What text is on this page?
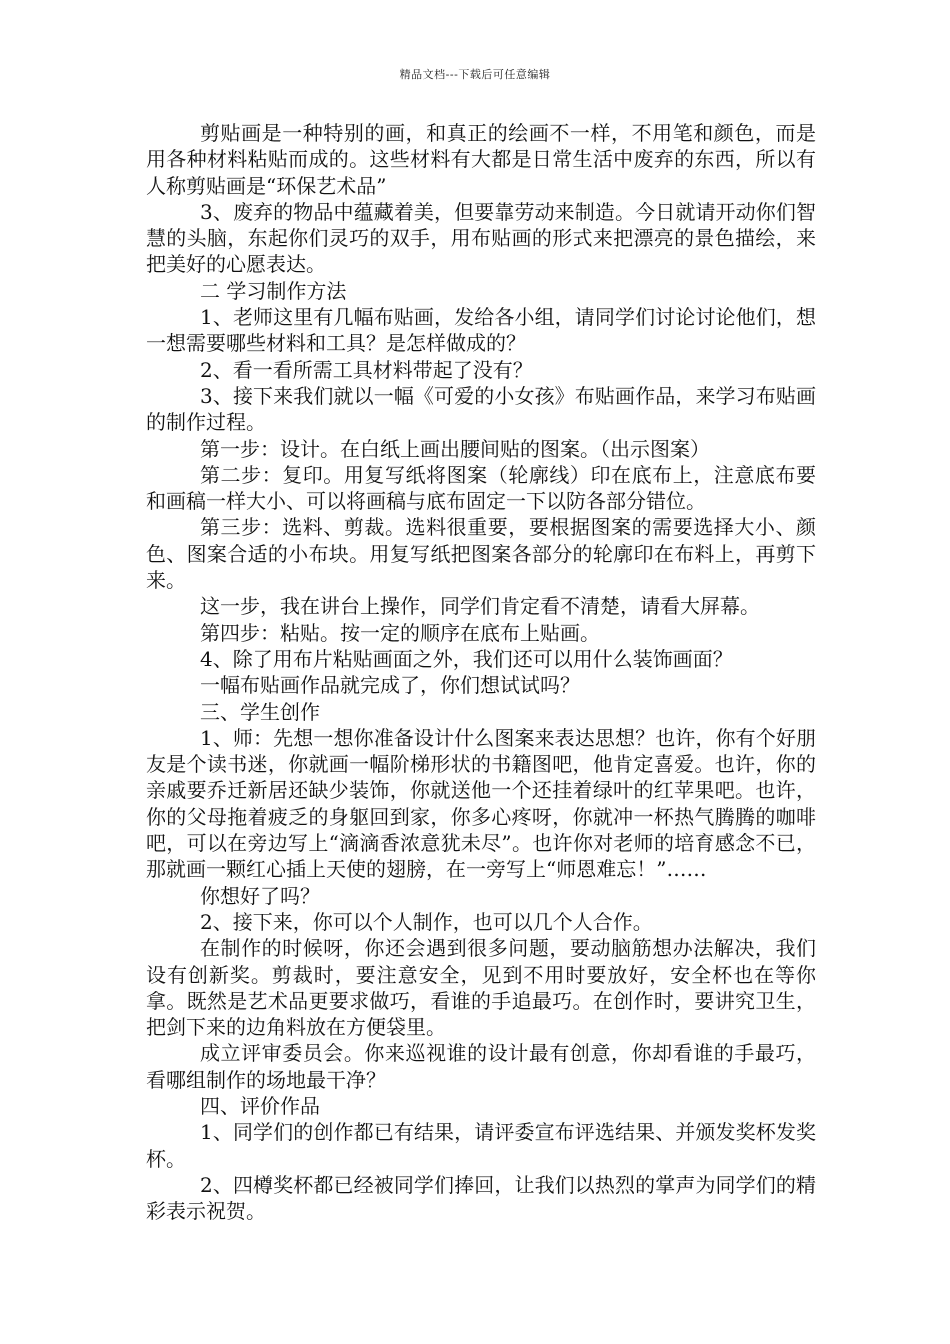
精品文档---下载后可任意编辑

剪贴画是一种特别的画，和真正的绘画不一样，不用笔和颜色，而是用各种材料粘贴而成的。这些材料有大都是日常生活中废弃的东西，所以有人称剪贴画是“环保艺术品”

3、废弃的物品中蕴藏着美，但要靠劳动来制造。今日就请开动你们智慧的头脑，东起你们灵巧的双手，用布贴画的形式来把漂亮的景色描绘，来把美好的心愿表达。

二 学习制作方法

1、老师这里有几幅布贴画，发给各小组，请同学们讨论讨论他们，想一想需要哪些材料和工具？是怎样做成的？

2、看一看所需工具材料带起了没有？

3、接下来我们就以一幅《可爱的小女孩》布贴画作品，来学习布贴画的制作过程。

第一步：设计。在白纸上画出腰间贴的图案。（出示图案）

第二步：复印。用复写纸将图案（轮廓线）印在底布上，注意底布要和画稿一样大小、可以将画稿与底布固定一下以防各部分错位。

第三步：选料、剪裁。选料很重要，要根据图案的需要选择大小、颜色、图案合适的小布块。用复写纸把图案各部分的轮廓印在布料上，再剪下来。

这一步，我在讲台上操作，同学们肯定看不清楚，请看大屏幕。

第四步：粘贴。按一定的顺序在底布上贴画。

4、除了用布片粘贴画面之外，我们还可以用什么装饰画面？

一幅布贴画作品就完成了，你们想试试吗？

三、学生创作

1、师：先想一想你准备设计什么图案来表达思想？也许，你有个好朋友是个读书迷，你就画一幅阶梯形状的书籍图吧，他肯定喜爱。也许，你的亲戚要乔迁新居还缺少装饰，你就送他一个还挂着绿叶的红苹果吧。也许，你的父母拖着疲乏的身躯回到家，你多心疼呀，你就冲一杯热气腾腾的咖啡吧，可以在旁边写上“滴滴香浓意犹未尽”。也许你对老师的培育感念不已，那就画一颗红心插上天使的翅膀，在一旁写上“师恩难忘！”……

你想好了吗？

2、接下来，你可以个人制作，也可以几个人合作。

在制作的时候呀，你还会遇到很多问题，要动脑筋想办法解决，我们设有创新奖。剪裁时，要注意安全，见到不用时要放好，安全杯也在等你拿。既然是艺术品更要求做巧，看谁的手追最巧。在创作时，要讲究卫生，把剑下来的边角料放在方便袋里。

成立评审委员会。你来巡视谁的设计最有创意，你却看谁的手最巧，看哪组制作的场地最干净？

四、评价作品

1、同学们的创作都已有结果，请评委宣布评选结果、并颁发奖杯发奖杯。

2、四樽奖杯都已经被同学们捧回，让我们以热烈的掌声为同学们的精彩表示祝贺。
